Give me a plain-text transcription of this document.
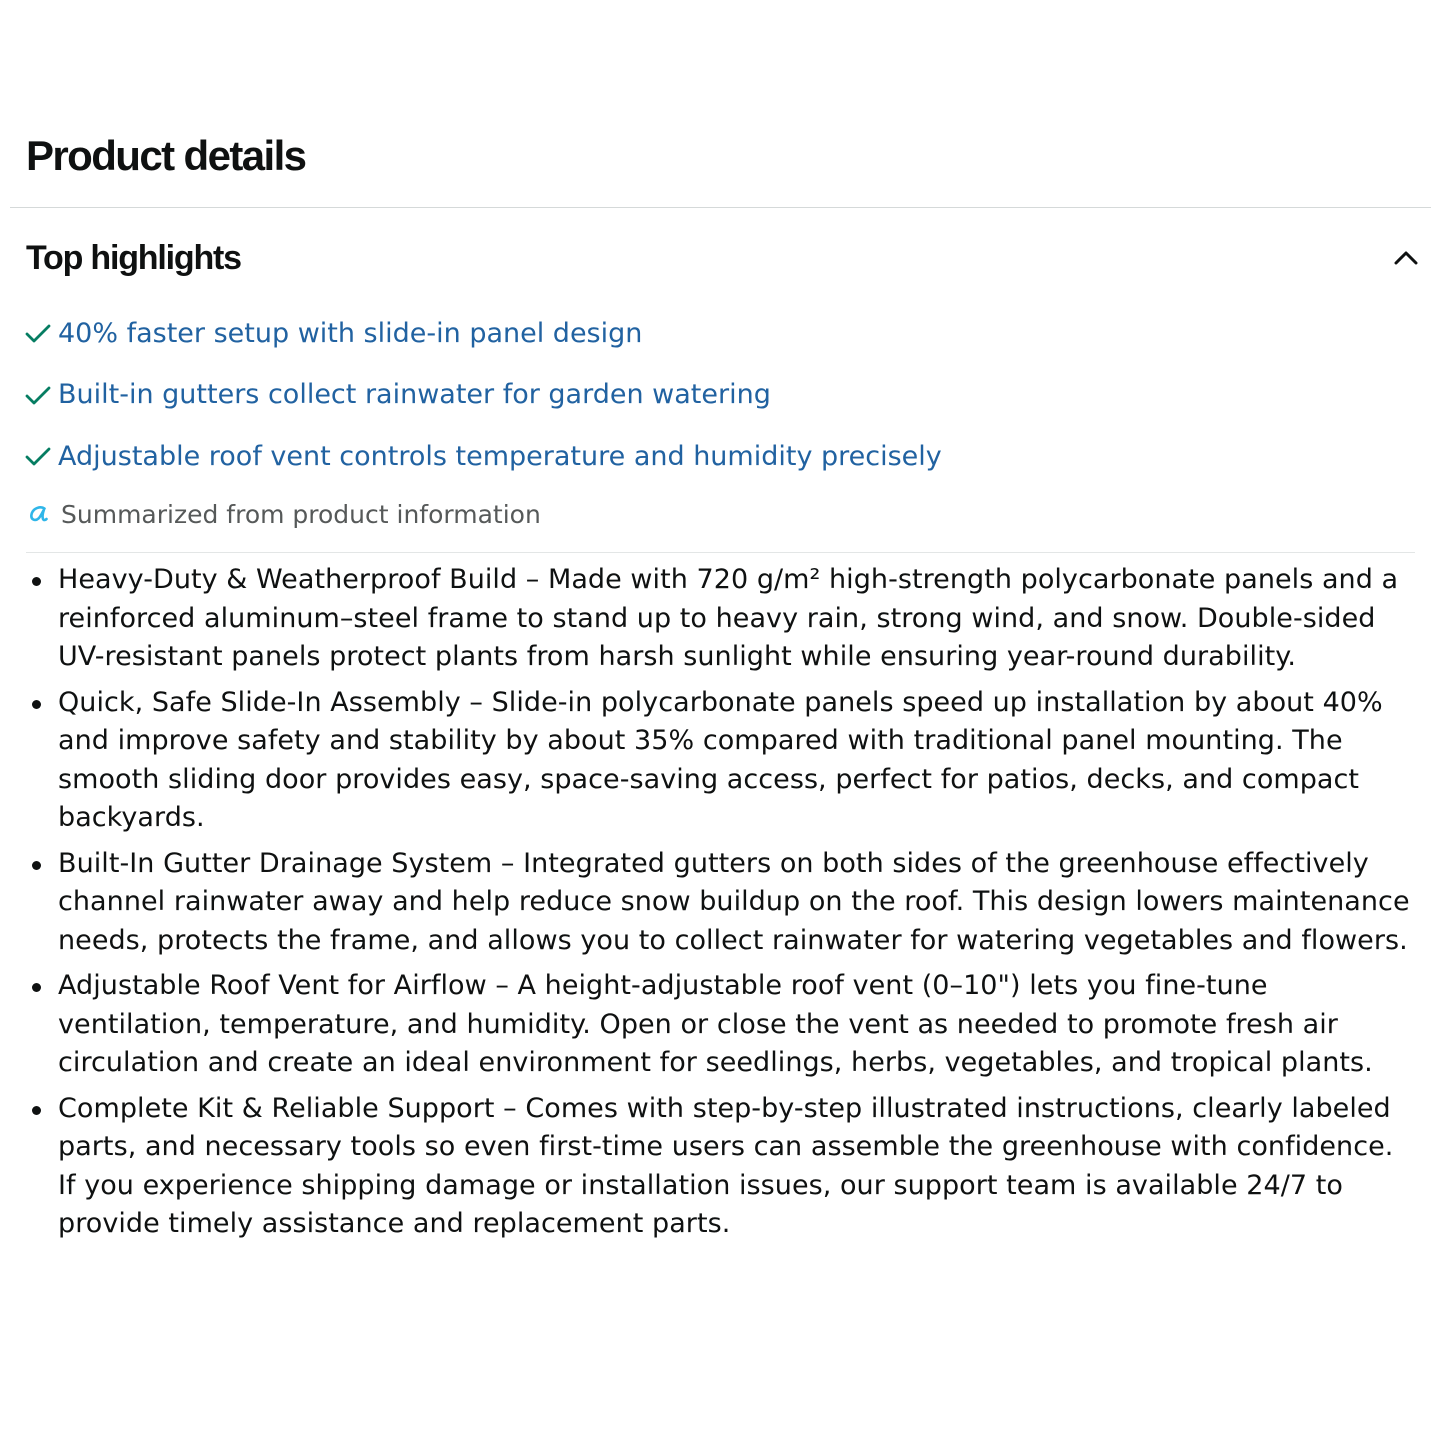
Product details
Top highlights
40% faster setup with slide-in panel design
Built-in gutters collect rainwater for garden watering
Adjustable roof vent controls temperature and humidity precisely
Summarized from product information
Heavy-Duty & Weatherproof Build – Made with 720 g/m² high-strength polycarbonate panels and a reinforced aluminum–steel frame to stand up to heavy rain, strong wind, and snow. Double-sided UV-resistant panels protect plants from harsh sunlight while ensuring year-round durability.
Quick, Safe Slide-In Assembly – Slide-in polycarbonate panels speed up installation by about 40% and improve safety and stability by about 35% compared with traditional panel mounting. The smooth sliding door provides easy, space-saving access, perfect for patios, decks, and compact backyards.
Built-In Gutter Drainage System – Integrated gutters on both sides of the greenhouse effectively channel rainwater away and help reduce snow buildup on the roof. This design lowers maintenance needs, protects the frame, and allows you to collect rainwater for watering vegetables and flowers.
Adjustable Roof Vent for Airflow – A height-adjustable roof vent (0–10") lets you fine-tune ventilation, temperature, and humidity. Open or close the vent as needed to promote fresh air circulation and create an ideal environment for seedlings, herbs, vegetables, and tropical plants.
Complete Kit & Reliable Support – Comes with step-by-step illustrated instructions, clearly labeled parts, and necessary tools so even first-time users can assemble the greenhouse with confidence. If you experience shipping damage or installation issues, our support team is available 24/7 to provide timely assistance and replacement parts.
